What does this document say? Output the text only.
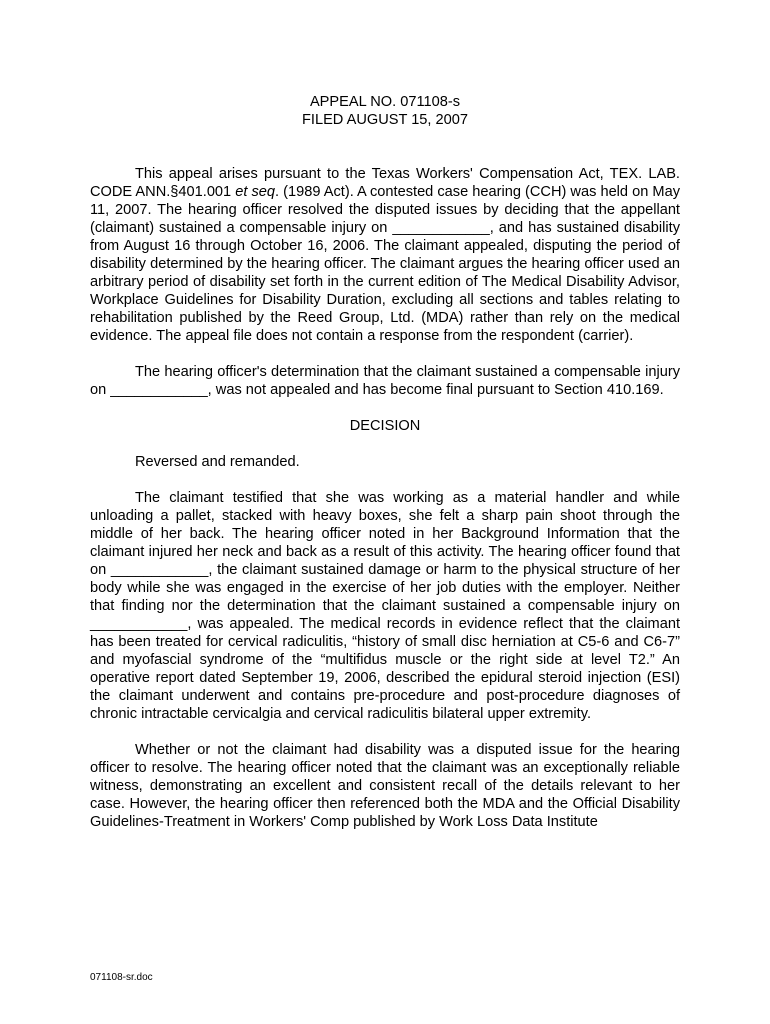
APPEAL NO. 071108-s
FILED AUGUST 15, 2007

This appeal arises pursuant to the Texas Workers' Compensation Act, TEX. LAB. CODE ANN.§401.001 et seq. (1989 Act). A contested case hearing (CCH) was held on May 11, 2007. The hearing officer resolved the disputed issues by deciding that the appellant (claimant) sustained a compensable injury on ____________, and has sustained disability from August 16 through October 16, 2006. The claimant appealed, disputing the period of disability determined by the hearing officer. The claimant argues the hearing officer used an arbitrary period of disability set forth in the current edition of The Medical Disability Advisor, Workplace Guidelines for Disability Duration, excluding all sections and tables relating to rehabilitation published by the Reed Group, Ltd. (MDA) rather than rely on the medical evidence. The appeal file does not contain a response from the respondent (carrier).

The hearing officer's determination that the claimant sustained a compensable injury on ____________, was not appealed and has become final pursuant to Section 410.169.

DECISION

Reversed and remanded.

The claimant testified that she was working as a material handler and while unloading a pallet, stacked with heavy boxes, she felt a sharp pain shoot through the middle of her back. The hearing officer noted in her Background Information that the claimant injured her neck and back as a result of this activity. The hearing officer found that on ____________, the claimant sustained damage or harm to the physical structure of her body while she was engaged in the exercise of her job duties with the employer. Neither that finding nor the determination that the claimant sustained a compensable injury on ____________, was appealed. The medical records in evidence reflect that the claimant has been treated for cervical radiculitis, “history of small disc herniation at C5-6 and C6-7” and myofascial syndrome of the “multifidus muscle or the right side at level T2.” An operative report dated September 19, 2006, described the epidural steroid injection (ESI) the claimant underwent and contains pre-procedure and post-procedure diagnoses of chronic intractable cervicalgia and cervical radiculitis bilateral upper extremity.

Whether or not the claimant had disability was a disputed issue for the hearing officer to resolve. The hearing officer noted that the claimant was an exceptionally reliable witness, demonstrating an excellent and consistent recall of the details relevant to her case. However, the hearing officer then referenced both the MDA and the Official Disability Guidelines-Treatment in Workers' Comp published by Work Loss Data Institute

071108-sr.doc
